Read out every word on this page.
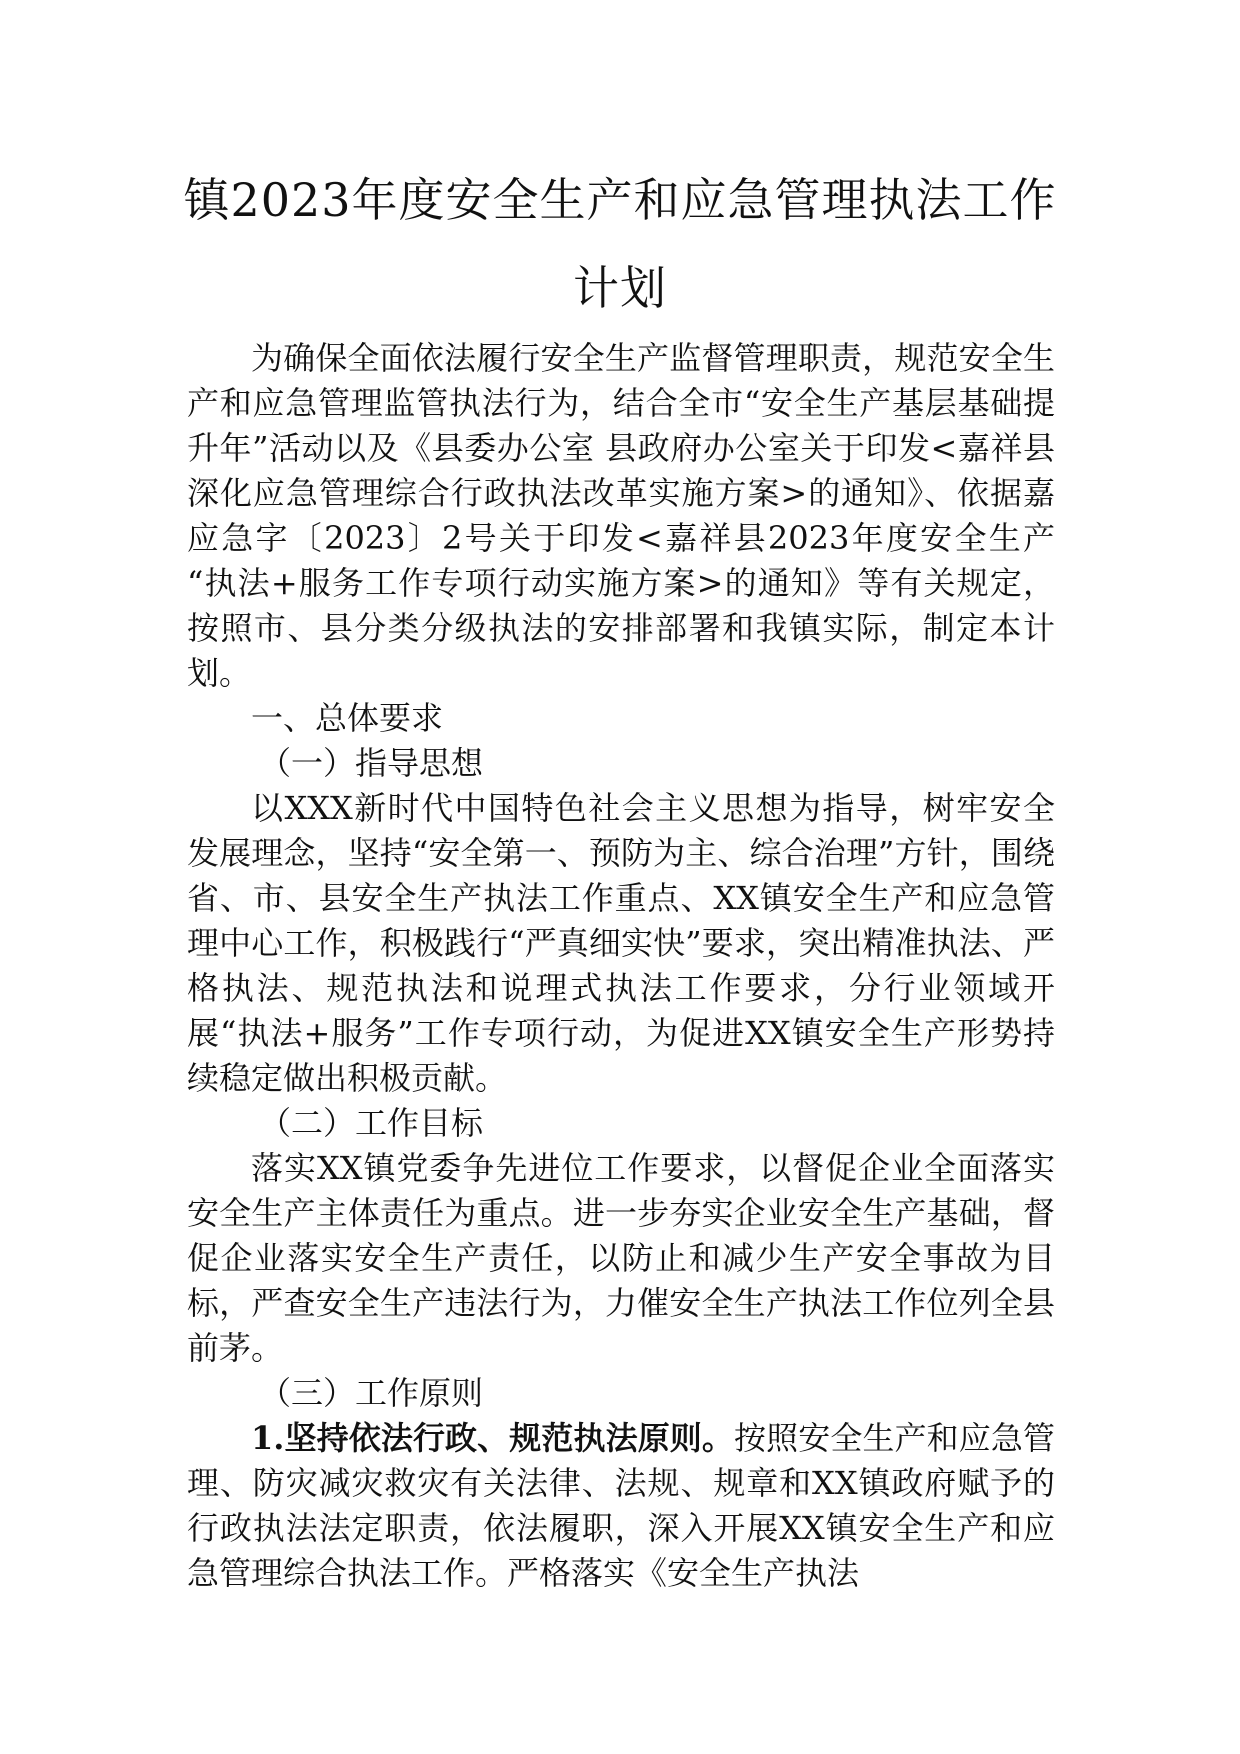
镇2023年度安全生产和应急管理执法工作
计划

为确保全面依法履行安全生产监督管理职责，规范安全生产和应急管理监管执法行为，结合全市“安全生产基层基础提升年”活动以及《县委办公室 县政府办公室关于印发<嘉祥县深化应急管理综合行政执法改革实施方案>的通知》、依据嘉应急字〔2023〕2号关于印发<嘉祥县2023年度安全生产 “执法+服务工作专项行动实施方案>的通知》等有关规定，按照市、县分类分级执法的安排部署和我镇实际，制定本计划。

一、总体要求

（一）指导思想

以XXX新时代中国特色社会主义思想为指导，树牢安全发展理念，坚持“安全第一、预防为主、综合治理”方针，围绕省、市、县安全生产执法工作重点、XX镇安全生产和应急管理中心工作，积极践行“严真细实快”要求，突出精准执法、严格执法、规范执法和说理式执法工作要求，分行业领域开展“执法+服务”工作专项行动，为促进XX镇安全生产形势持续稳定做出积极贡献。

（二）工作目标

落实XX镇党委争先进位工作要求，以督促企业全面落实安全生产主体责任为重点。进一步夯实企业安全生产基础，督促企业落实安全生产责任，以防止和减少生产安全事故为目标，严查安全生产违法行为，力催安全生产执法工作位列全县前茅。

（三）工作原则

1.坚持依法行政、规范执法原则。按照安全生产和应急管理、防灾减灾救灾有关法律、法规、规章和XX镇政府赋予的行政执法法定职责，依法履职，深入开展XX镇安全生产和应急管理综合执法工作。严格落实《安全生产执法
